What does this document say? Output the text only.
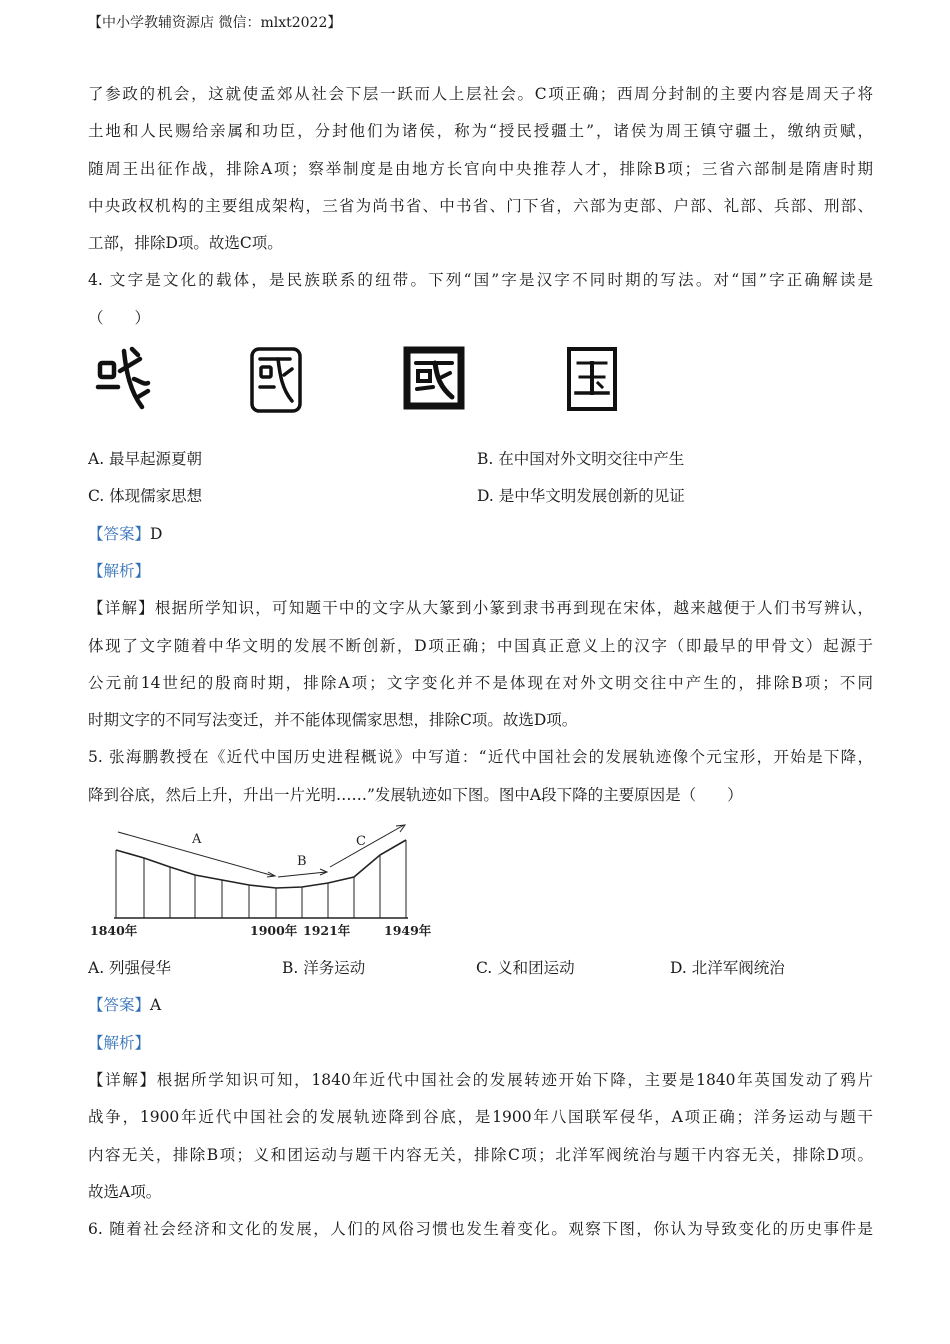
【中小学教辅资源店 微信：mlxt2022】
了参政的机会，这就使孟郊从社会下层一跃而人上层社会。C项正确；西周分封制的主要内容是周天子将
土地和人民赐给亲属和功臣，分封他们为诸侯，称为“授民授疆土”，诸侯为周王镇守疆土，缴纳贡赋，
随周王出征作战，排除A项；察举制度是由地方长官向中央推荐人才，排除B项；三省六部制是隋唐时期
中央政权机构的主要组成架构，三省为尚书省、中书省、门下省，六部为吏部、户部、礼部、兵部、刑部、
工部，排除D项。故选C项。
4. 文字是文化的载体，是民族联系的纽带。下列“国”字是汉字不同时期的写法。对“国”字正确解读是
（　　）
A. 最早起源夏朝	B. 在中国对外文明交往中产生
C. 体现儒家思想	D. 是中华文明发展创新的见证
【答案】D
【解析】
【详解】根据所学知识，可知题干中的文字从大篆到小篆到隶书再到现在宋体，越来越便于人们书写辨认，
体现了文字随着中华文明的发展不断创新，D项正确；中国真正意义上的汉字（即最早的甲骨文）起源于
公元前14世纪的殷商时期，排除A项；文字变化并不是体现在对外文明交往中产生的，排除B项；不同
时期文字的不同写法变迁，并不能体现儒家思想，排除C项。故选D项。
5. 张海鹏教授在《近代中国历史进程概说》中写道：“近代中国社会的发展轨迹像个元宝形，开始是下降，
降到谷底，然后上升，升出一片光明……”发展轨迹如下图。图中A段下降的主要原因是（　　）
A
B
C
1840年	1900年 1921年	1949年
A. 列强侵华	B. 洋务运动	C. 义和团运动	D. 北洋军阀统治
【答案】A
【解析】
【详解】根据所学知识可知，1840年近代中国社会的发展转迹开始下降，主要是1840年英国发动了鸦片
战争，1900年近代中国社会的发展轨迹降到谷底，是1900年八国联军侵华，A项正确；洋务运动与题干
内容无关，排除B项；义和团运动与题干内容无关，排除C项；北洋军阀统治与题干内容无关，排除D项。
故选A项。
6. 随着社会经济和文化的发展，人们的风俗习惯也发生着变化。观察下图，你认为导致变化的历史事件是
